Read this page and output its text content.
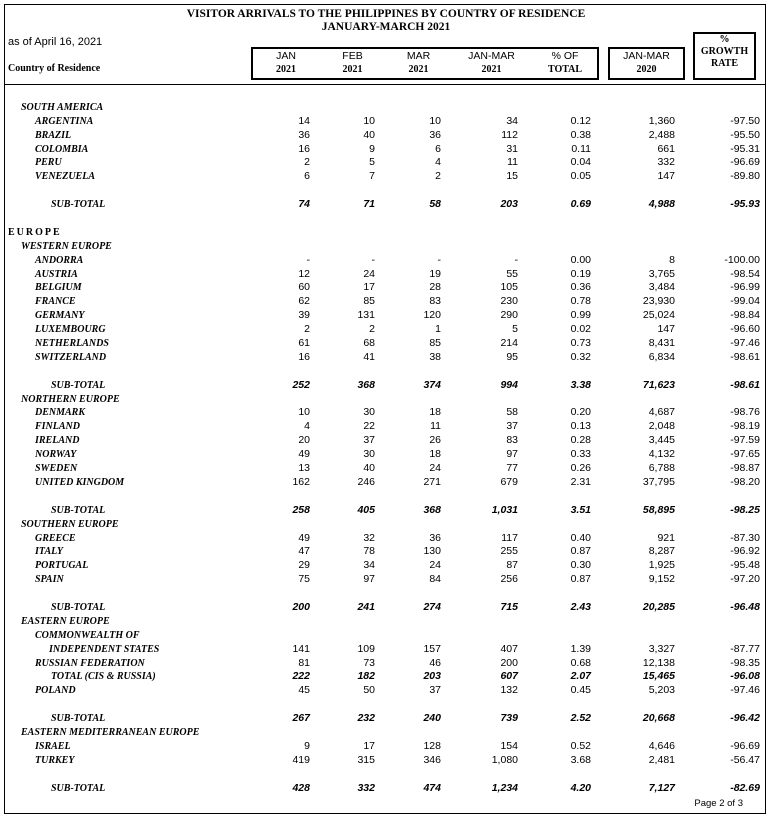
VISITOR ARRIVALS TO THE PHILIPPINES BY COUNTRY OF RESIDENCE
JANUARY-MARCH 2021
as of April 16, 2021
Country of Residence
JAN
2021
FEB
2021
MAR
2021
JAN-MAR
2021
% OF
TOTAL
JAN-MAR
2020
%
GROWTH
RATE
SOUTH AMERICA
ARGENTINA	14	10	10	34	0.12	1,360	-97.50
BRAZIL	36	40	36	112	0.38	2,488	-95.50
COLOMBIA	16	9	6	31	0.11	661	-95.31
PERU	2	5	4	11	0.04	332	-96.69
VENEZUELA	6	7	2	15	0.05	147	-89.80
SUB-TOTAL	74	71	58	203	0.69	4,988	-95.93
EUROPE
WESTERN EUROPE
ANDORRA	-	-	-	-	0.00	8	-100.00
AUSTRIA	12	24	19	55	0.19	3,765	-98.54
BELGIUM	60	17	28	105	0.36	3,484	-96.99
FRANCE	62	85	83	230	0.78	23,930	-99.04
GERMANY	39	131	120	290	0.99	25,024	-98.84
LUXEMBOURG	2	2	1	5	0.02	147	-96.60
NETHERLANDS	61	68	85	214	0.73	8,431	-97.46
SWITZERLAND	16	41	38	95	0.32	6,834	-98.61
SUB-TOTAL	252	368	374	994	3.38	71,623	-98.61
NORTHERN EUROPE
DENMARK	10	30	18	58	0.20	4,687	-98.76
FINLAND	4	22	11	37	0.13	2,048	-98.19
IRELAND	20	37	26	83	0.28	3,445	-97.59
NORWAY	49	30	18	97	0.33	4,132	-97.65
SWEDEN	13	40	24	77	0.26	6,788	-98.87
UNITED KINGDOM	162	246	271	679	2.31	37,795	-98.20
SUB-TOTAL	258	405	368	1,031	3.51	58,895	-98.25
SOUTHERN EUROPE
GREECE	49	32	36	117	0.40	921	-87.30
ITALY	47	78	130	255	0.87	8,287	-96.92
PORTUGAL	29	34	24	87	0.30	1,925	-95.48
SPAIN	75	97	84	256	0.87	9,152	-97.20
SUB-TOTAL	200	241	274	715	2.43	20,285	-96.48
EASTERN EUROPE
COMMONWEALTH OF
INDEPENDENT STATES	141	109	157	407	1.39	3,327	-87.77
RUSSIAN FEDERATION	81	73	46	200	0.68	12,138	-98.35
TOTAL (CIS & RUSSIA)	222	182	203	607	2.07	15,465	-96.08
POLAND	45	50	37	132	0.45	5,203	-97.46
SUB-TOTAL	267	232	240	739	2.52	20,668	-96.42
EASTERN MEDITERRANEAN EUROPE
ISRAEL	9	17	128	154	0.52	4,646	-96.69
TURKEY	419	315	346	1,080	3.68	2,481	-56.47
SUB-TOTAL	428	332	474	1,234	4.20	7,127	-82.69
Page 2 of 3
